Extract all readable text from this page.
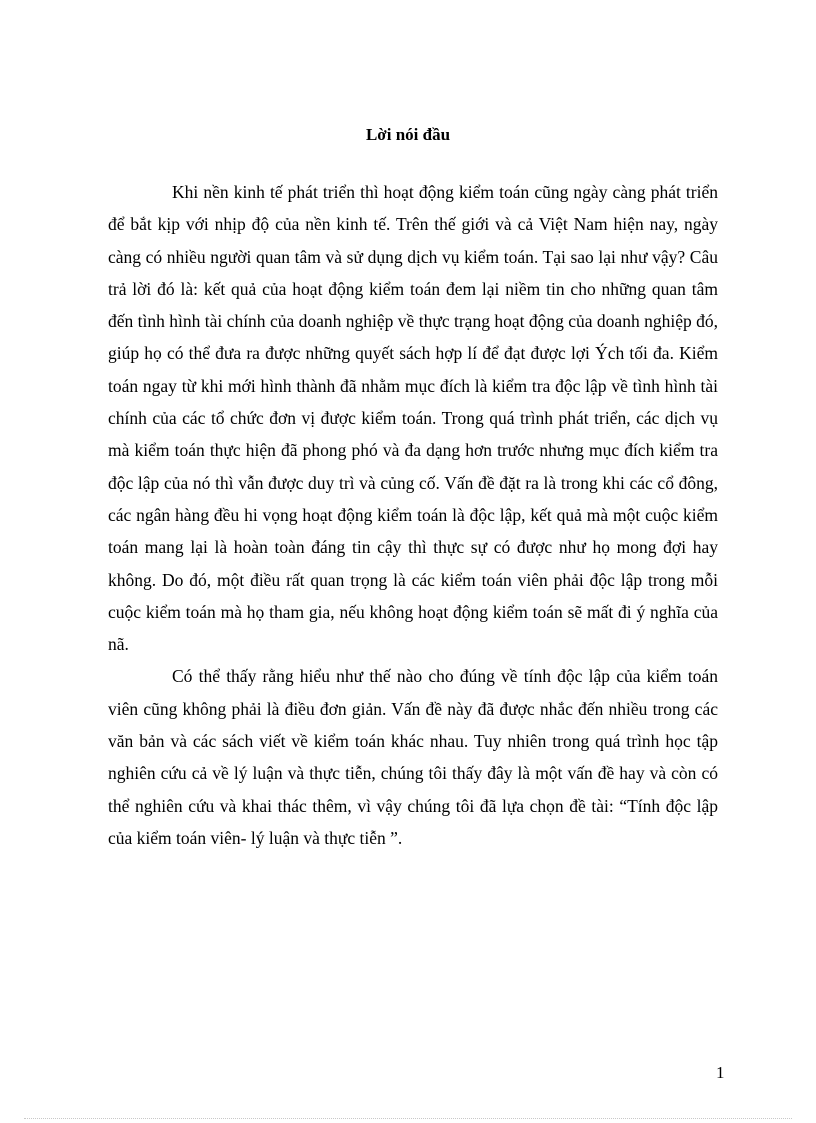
Lời nói đầu

Khi nền kinh tế phát triển thì hoạt động kiểm toán cũng ngày càng phát triển để bắt kịp với nhịp độ của nền kinh tế. Trên thế giới và cả Việt Nam hiện nay, ngày càng có nhiều người quan tâm và sử dụng dịch vụ kiểm toán. Tại sao lại như vậy? Câu trả lời đó là: kết quả của hoạt động kiểm toán đem lại niềm tin cho những quan tâm đến tình hình tài chính của doanh nghiệp về thực trạng hoạt động của doanh nghiệp đó, giúp họ có thể đưa ra được những quyết sách hợp lí để đạt được lợi Ých tối đa. Kiểm toán ngay từ khi mới hình thành đã nhằm mục đích là kiểm tra độc lập về tình hình tài chính của các tổ chức đơn vị được kiểm toán. Trong quá trình phát triển, các dịch vụ mà kiểm toán thực hiện đã phong phó và đa dạng hơn trước nhưng mục đích kiểm tra độc lập của nó thì vẫn được duy trì và củng cố. Vấn đề đặt ra là trong khi các cổ đông, các ngân hàng đều hi vọng hoạt động kiểm toán là độc lập, kết quả mà một cuộc kiểm toán mang lại là hoàn toàn đáng tin cậy thì thực sự có được như họ mong đợi hay không. Do đó, một điều rất quan trọng là các kiểm toán viên phải độc lập trong mỗi cuộc kiểm toán mà họ tham gia, nếu không hoạt động kiểm toán sẽ mất đi ý nghĩa của nã.

Có thể thấy rằng hiểu như thế nào cho đúng về tính độc lập của kiểm toán viên cũng không phải là điều đơn giản. Vấn đề này đã được nhắc đến nhiều trong các văn bản và các sách viết về kiểm toán khác nhau. Tuy nhiên trong quá trình học tập nghiên cứu cả về lý luận và thực tiễn, chúng tôi thấy đây là một vấn đề hay và còn có thể nghiên cứu và khai thác thêm, vì vậy chúng tôi đã lựa chọn đề tài: “Tính độc lập của kiểm toán viên- lý luận và thực tiễn ”.

1
